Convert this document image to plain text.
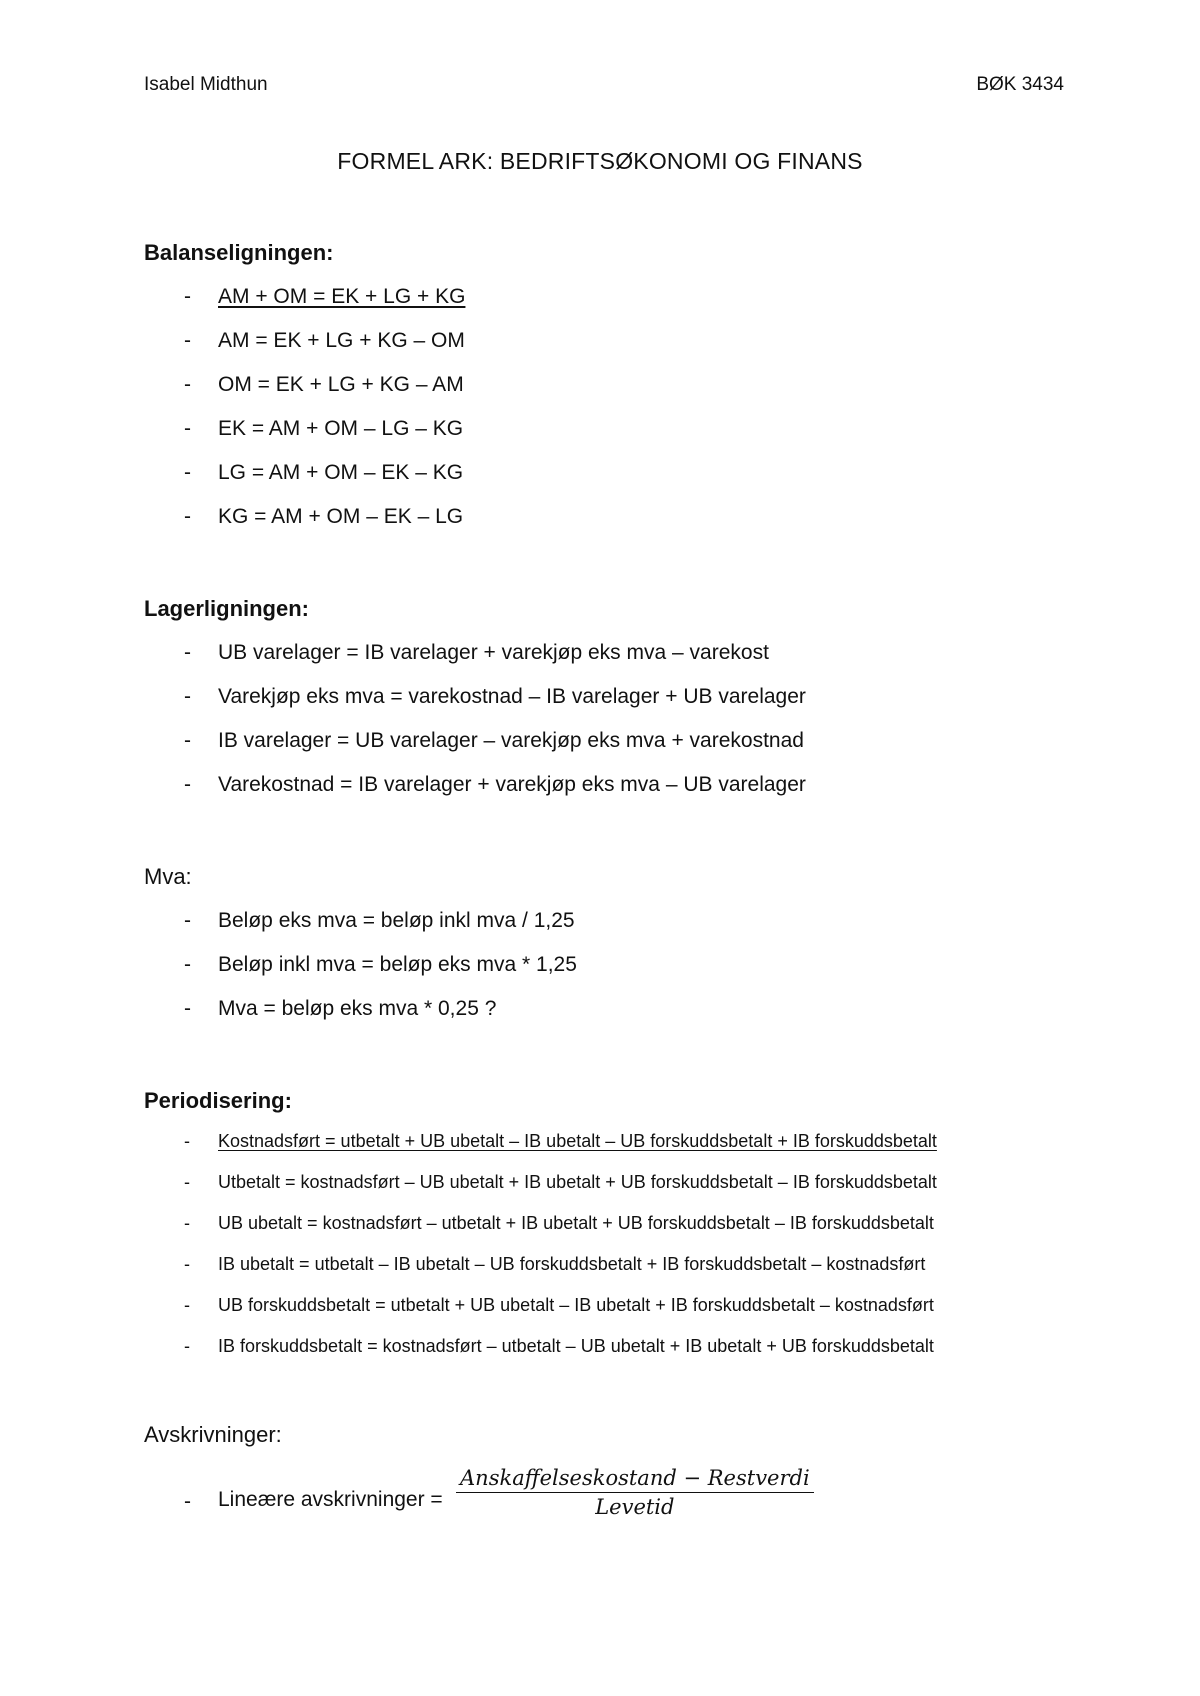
Isabel Midthun	BØK 3434
FORMEL ARK: BEDRIFTSØKONOMI OG FINANS
Balanseligningen:
- AM + OM = EK + LG + KG
- AM = EK + LG + KG – OM
- OM = EK + LG + KG – AM
- EK = AM + OM – LG – KG
- LG = AM + OM – EK – KG
- KG = AM + OM – EK – LG
Lagerligningen:
- UB varelager = IB varelager + varekjøp eks mva – varekost
- Varekjøp eks mva = varekostnad – IB varelager + UB varelager
- IB varelager = UB varelager – varekjøp eks mva + varekostnad
- Varekostnad = IB varelager + varekjøp eks mva – UB varelager
Mva:
- Beløp eks mva = beløp inkl mva / 1,25
- Beløp inkl mva = beløp eks mva * 1,25
- Mva = beløp eks mva * 0,25 ?
Periodisering:
- Kostnadsført = utbetalt + UB ubetalt – IB ubetalt – UB forskuddsbetalt + IB forskuddsbetalt
- Utbetalt = kostnadsført – UB ubetalt + IB ubetalt + UB forskuddsbetalt – IB forskuddsbetalt
- UB ubetalt = kostnadsført – utbetalt + IB ubetalt + UB forskuddsbetalt – IB forskuddsbetalt
- IB ubetalt = utbetalt – IB ubetalt – UB forskuddsbetalt + IB forskuddsbetalt – kostnadsført
- UB forskuddsbetalt = utbetalt + UB ubetalt – IB ubetalt + IB forskuddsbetalt – kostnadsført
- IB forskuddsbetalt = kostnadsført – utbetalt – UB ubetalt + IB ubetalt + UB forskuddsbetalt
Avskrivninger:
- Lineære avskrivninger =
Anskaffelseskostand − Restverdi
Levetid
